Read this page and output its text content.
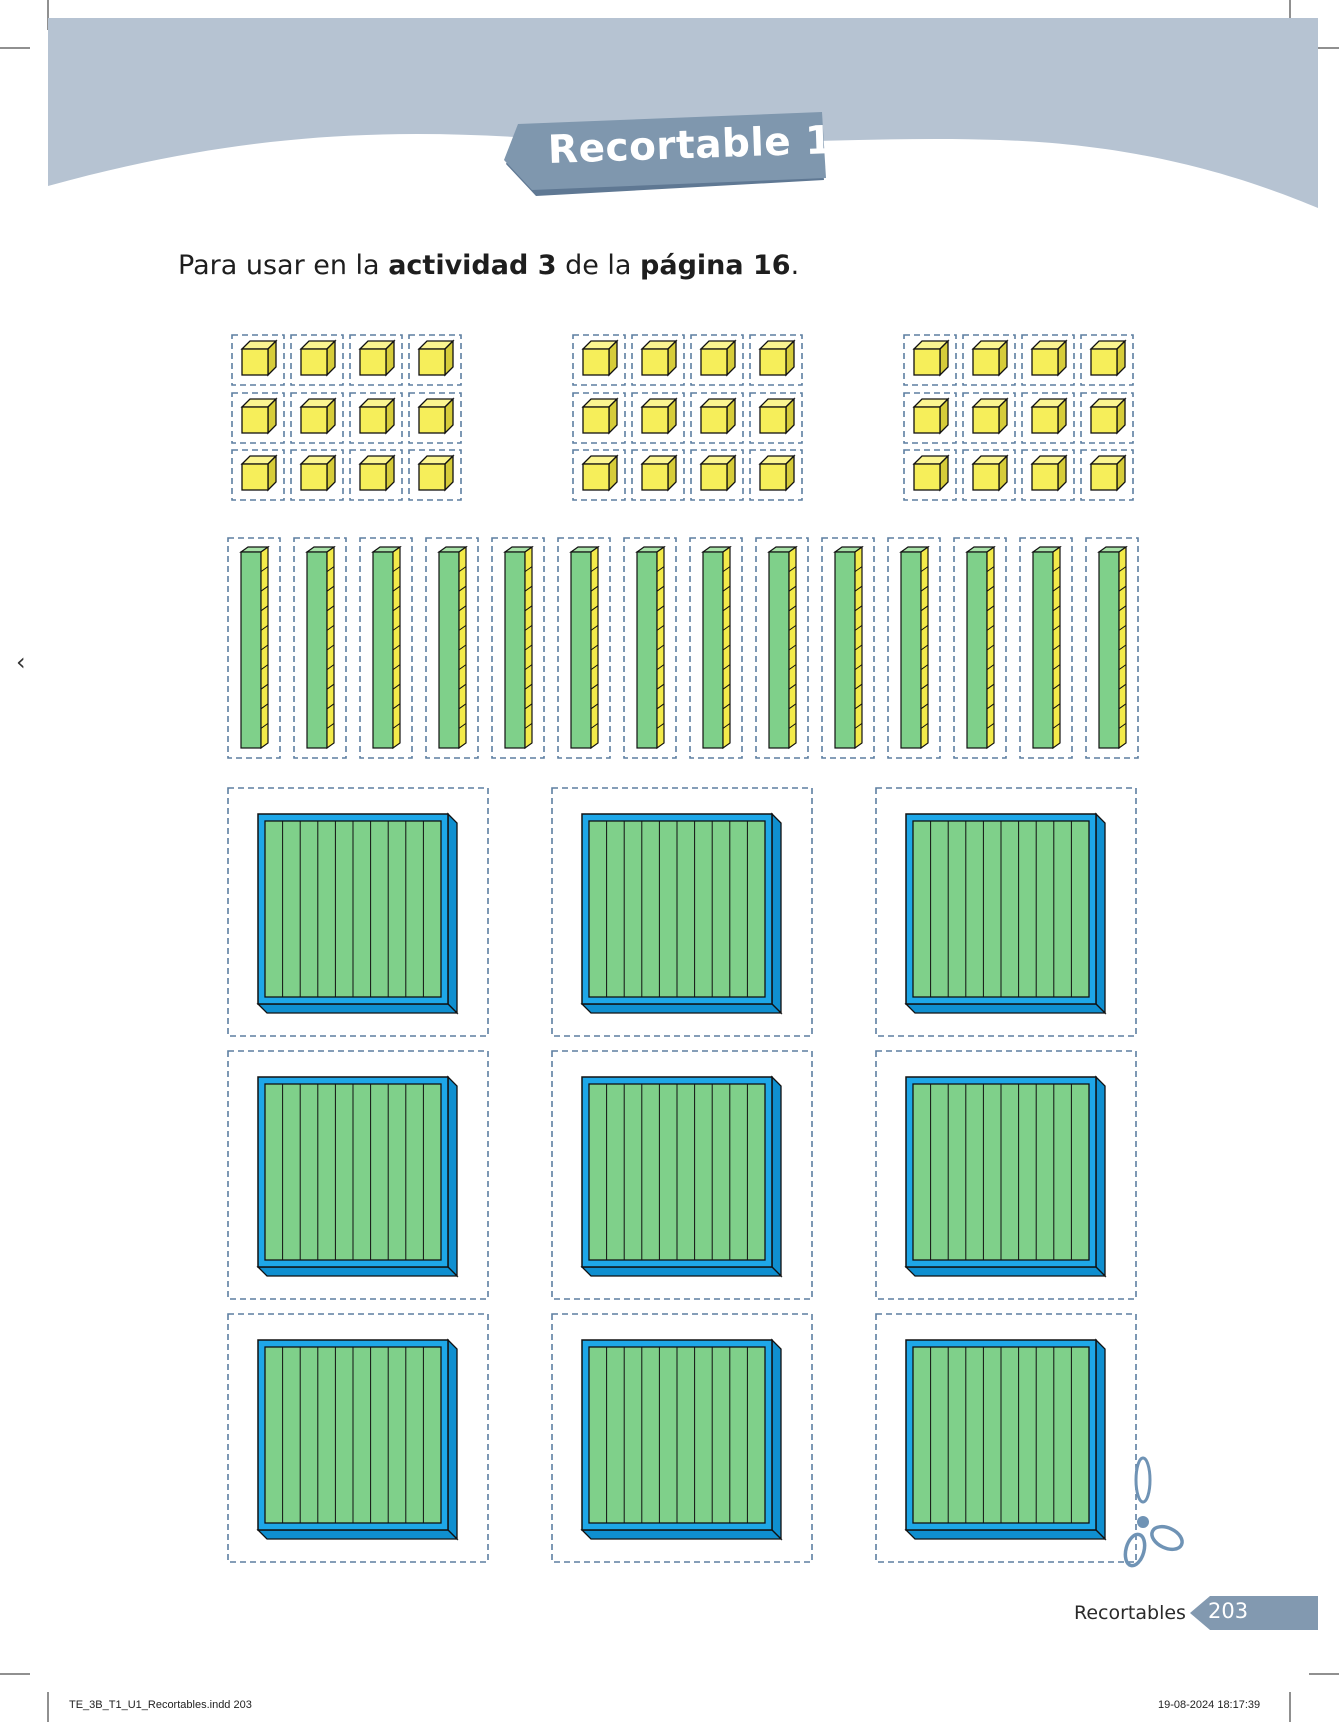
Recortable 1
Para usar en la actividad 3 de la página 16.
‹
Recortables 203
TE_3B_T1_U1_Recortables.indd 203	19-08-2024 18:17:39
